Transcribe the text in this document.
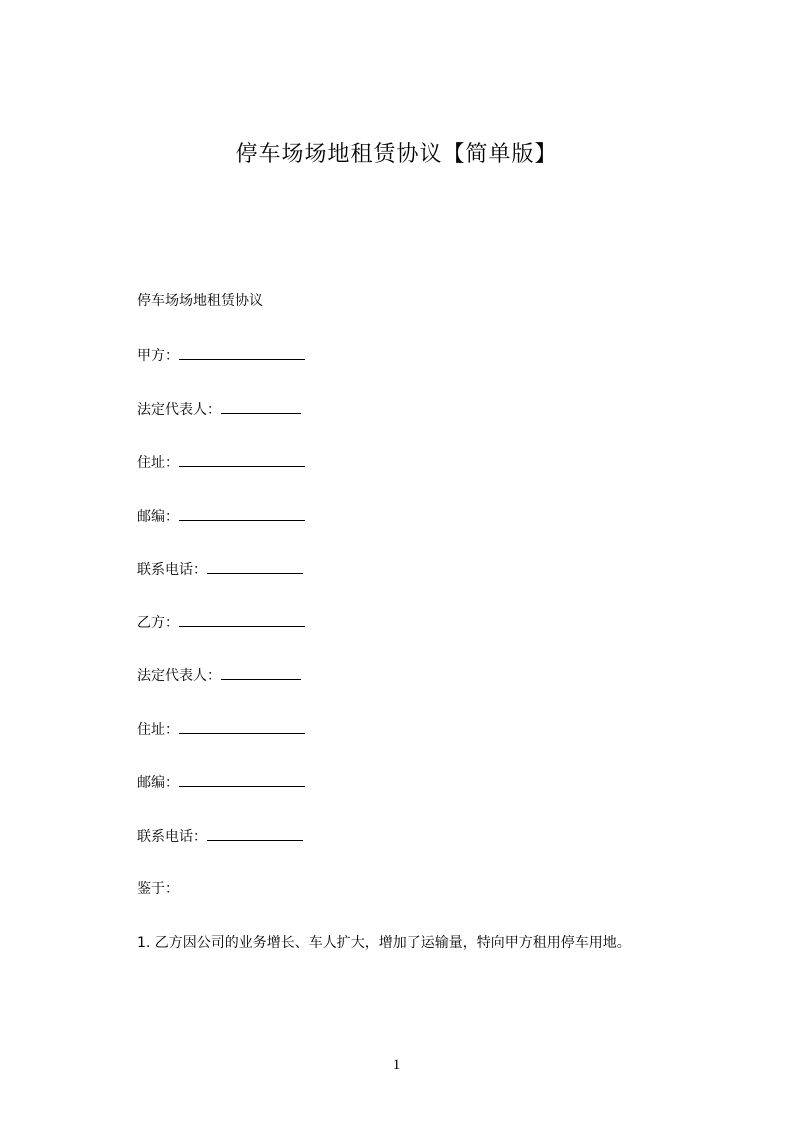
停车场场地租赁协议【简单版】
停车场场地租赁协议
甲方：
法定代表人：
住址：
邮编：
联系电话：
乙方：
法定代表人：
住址：
邮编：
联系电话：
鉴于：
1. 乙方因公司的业务增长、车人扩大，增加了运输量，特向甲方租用停车用地。
1
